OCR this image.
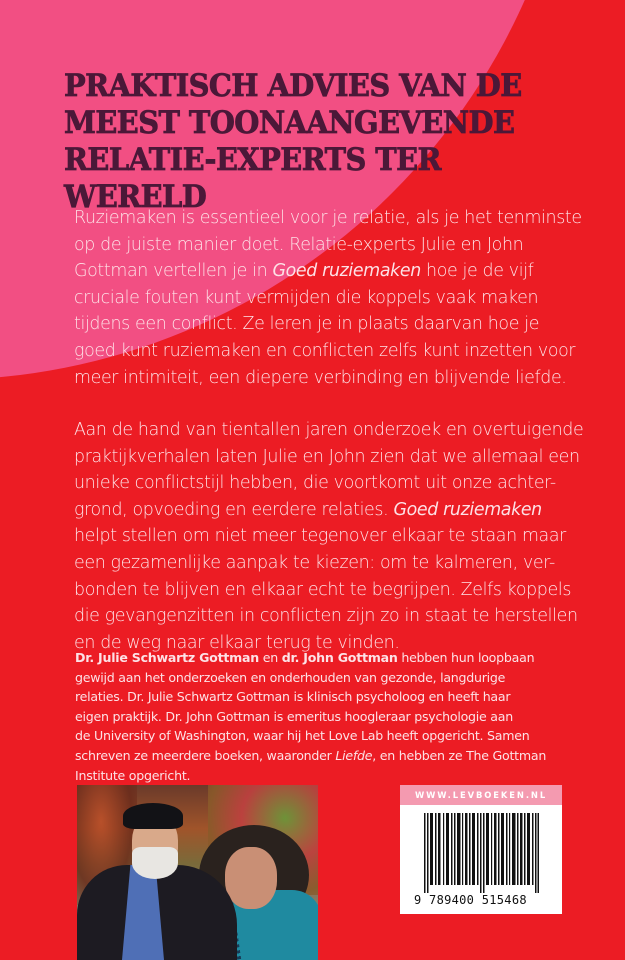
PRAKTISCH ADVIES VAN DE
MEEST TOONAANGEVENDE
RELATIE-EXPERTS TER WERELD

Ruziemaken is essentieel voor je relatie, als je het tenminste
op de juiste manier doet. Relatie-experts Julie en John
Gottman vertellen je in Goed ruziemaken hoe je de vijf
cruciale fouten kunt vermijden die koppels vaak maken
tijdens een conflict. Ze leren je in plaats daarvan hoe je
goed kunt ruziemaken en conflicten zelfs kunt inzetten voor
meer intimiteit, een diepere verbinding en blijvende liefde.

Aan de hand van tientallen jaren onderzoek en overtuigende
praktijkverhalen laten Julie en John zien dat we allemaal een
unieke conflictstijl hebben, die voortkomt uit onze achter-
grond, opvoeding en eerdere relaties. Goed ruziemaken
helpt stellen om niet meer tegenover elkaar te staan maar
een gezamenlijke aanpak te kiezen: om te kalmeren, ver-
bonden te blijven en elkaar echt te begrijpen. Zelfs koppels
die gevangenzitten in conflicten zijn zo in staat te herstellen
en de weg naar elkaar terug te vinden.

Dr. Julie Schwartz Gottman en dr. John Gottman hebben hun loopbaan
gewijd aan het onderzoeken en onderhouden van gezonde, langdurige
relaties. Dr. Julie Schwartz Gottman is klinisch psycholoog en heeft haar
eigen praktijk. Dr. John Gottman is emeritus hoogleraar psychologie aan
de University of Washington, waar hij het Love Lab heeft opgericht. Samen
schreven ze meerdere boeken, waaronder Liefde, en hebben ze The Gottman
Institute opgericht.

WWW.LEVBOEKEN.NL
9 789400 515468
